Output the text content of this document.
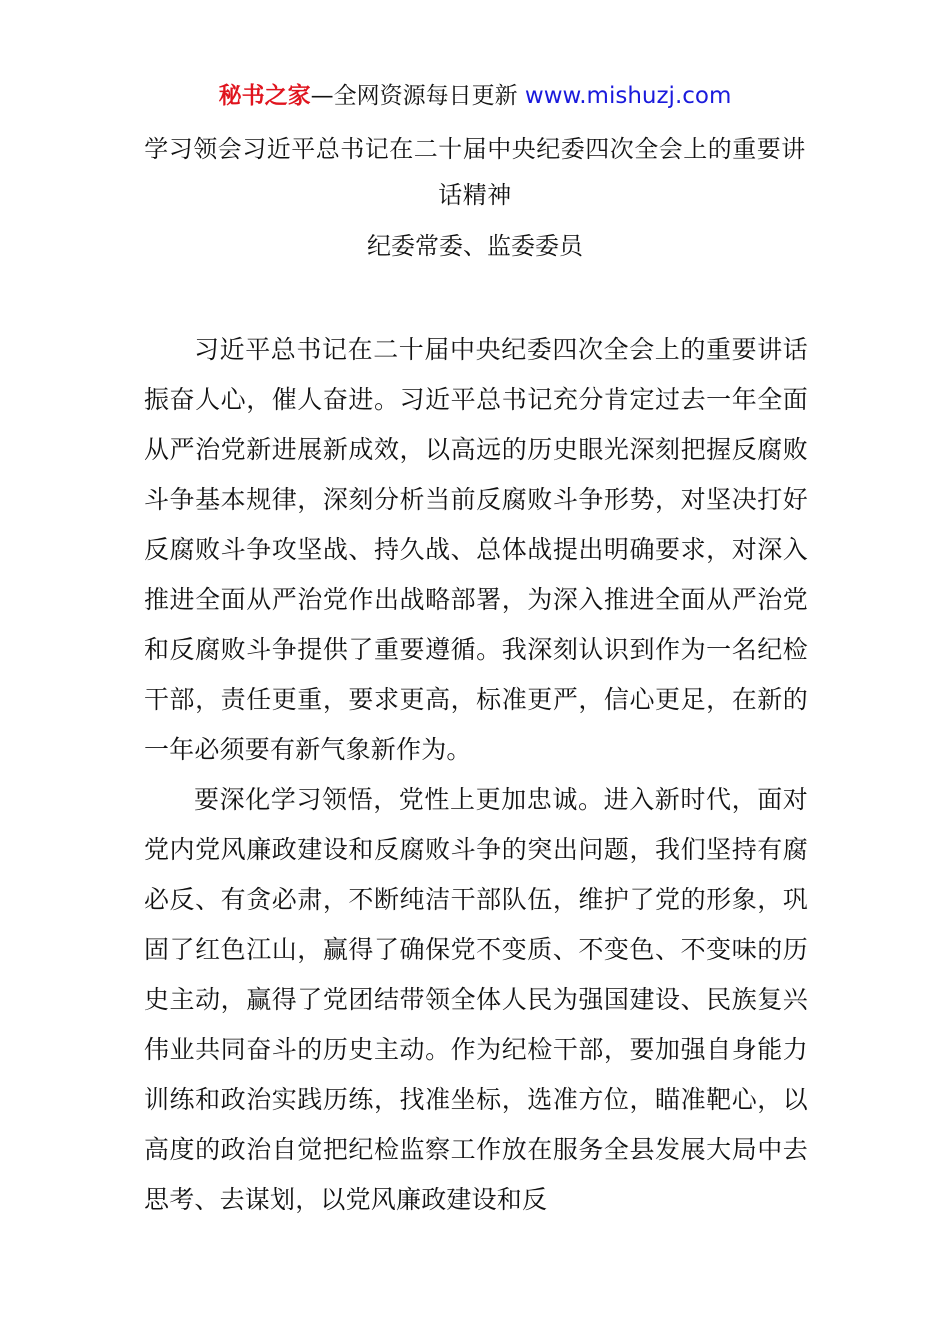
秘书之家—全网资源每日更新 www.mishuzj.com
学习领会习近平总书记在二十届中央纪委四次全会上的重要讲话精神
纪委常委、监委委员

习近平总书记在二十届中央纪委四次全会上的重要讲话振奋人心，催人奋进。习近平总书记充分肯定过去一年全面从严治党新进展新成效，以高远的历史眼光深刻把握反腐败斗争基本规律，深刻分析当前反腐败斗争形势，对坚决打好反腐败斗争攻坚战、持久战、总体战提出明确要求，对深入推进全面从严治党作出战略部署，为深入推进全面从严治党和反腐败斗争提供了重要遵循。我深刻认识到作为一名纪检干部，责任更重，要求更高，标准更严，信心更足，在新的一年必须要有新气象新作为。

要深化学习领悟，党性上更加忠诚。进入新时代，面对党内党风廉政建设和反腐败斗争的突出问题，我们坚持有腐必反、有贪必肃，不断纯洁干部队伍，维护了党的形象，巩固了红色江山，赢得了确保党不变质、不变色、不变味的历史主动，赢得了党团结带领全体人民为强国建设、民族复兴伟业共同奋斗的历史主动。作为纪检干部，要加强自身能力训练和政治实践历练，找准坐标，选准方位，瞄准靶心，以高度的政治自觉把纪检监察工作放在服务全县发展大局中去思考、去谋划，以党风廉政建设和反
